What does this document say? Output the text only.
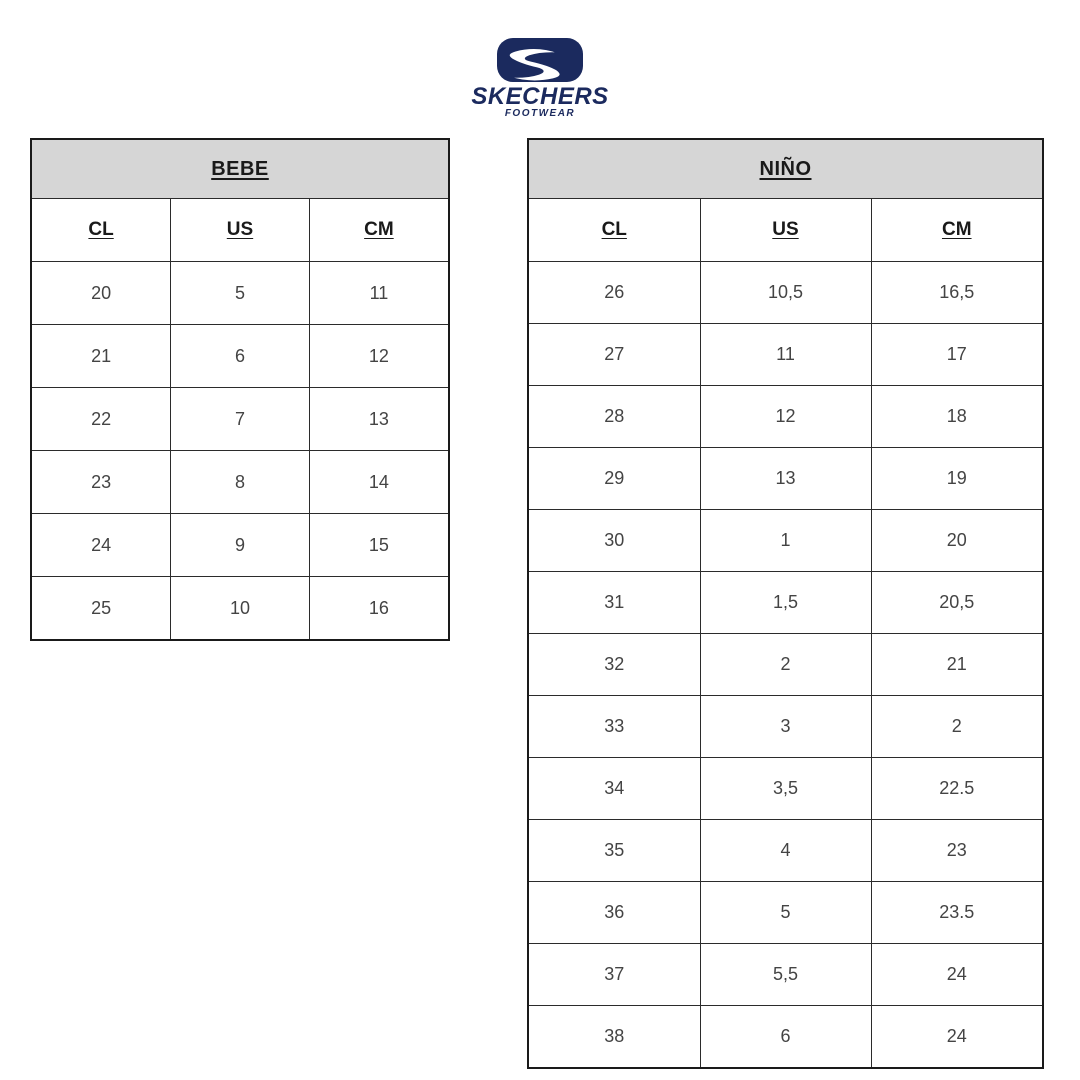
SKECHERS
FOOTWEAR
BEBE		
CL	US	CM
20	5	11
21	6	12
22	7	13
23	8	14
24	9	15
25	10	16
NIÑO		
CL	US	CM
26	10,5	16,5
27	11	17
28	12	18
29	13	19
30	1	20
31	1,5	20,5
32	2	21
33	3	2
34	3,5	22.5
35	4	23
36	5	23.5
37	5,5	24
38	6	24
